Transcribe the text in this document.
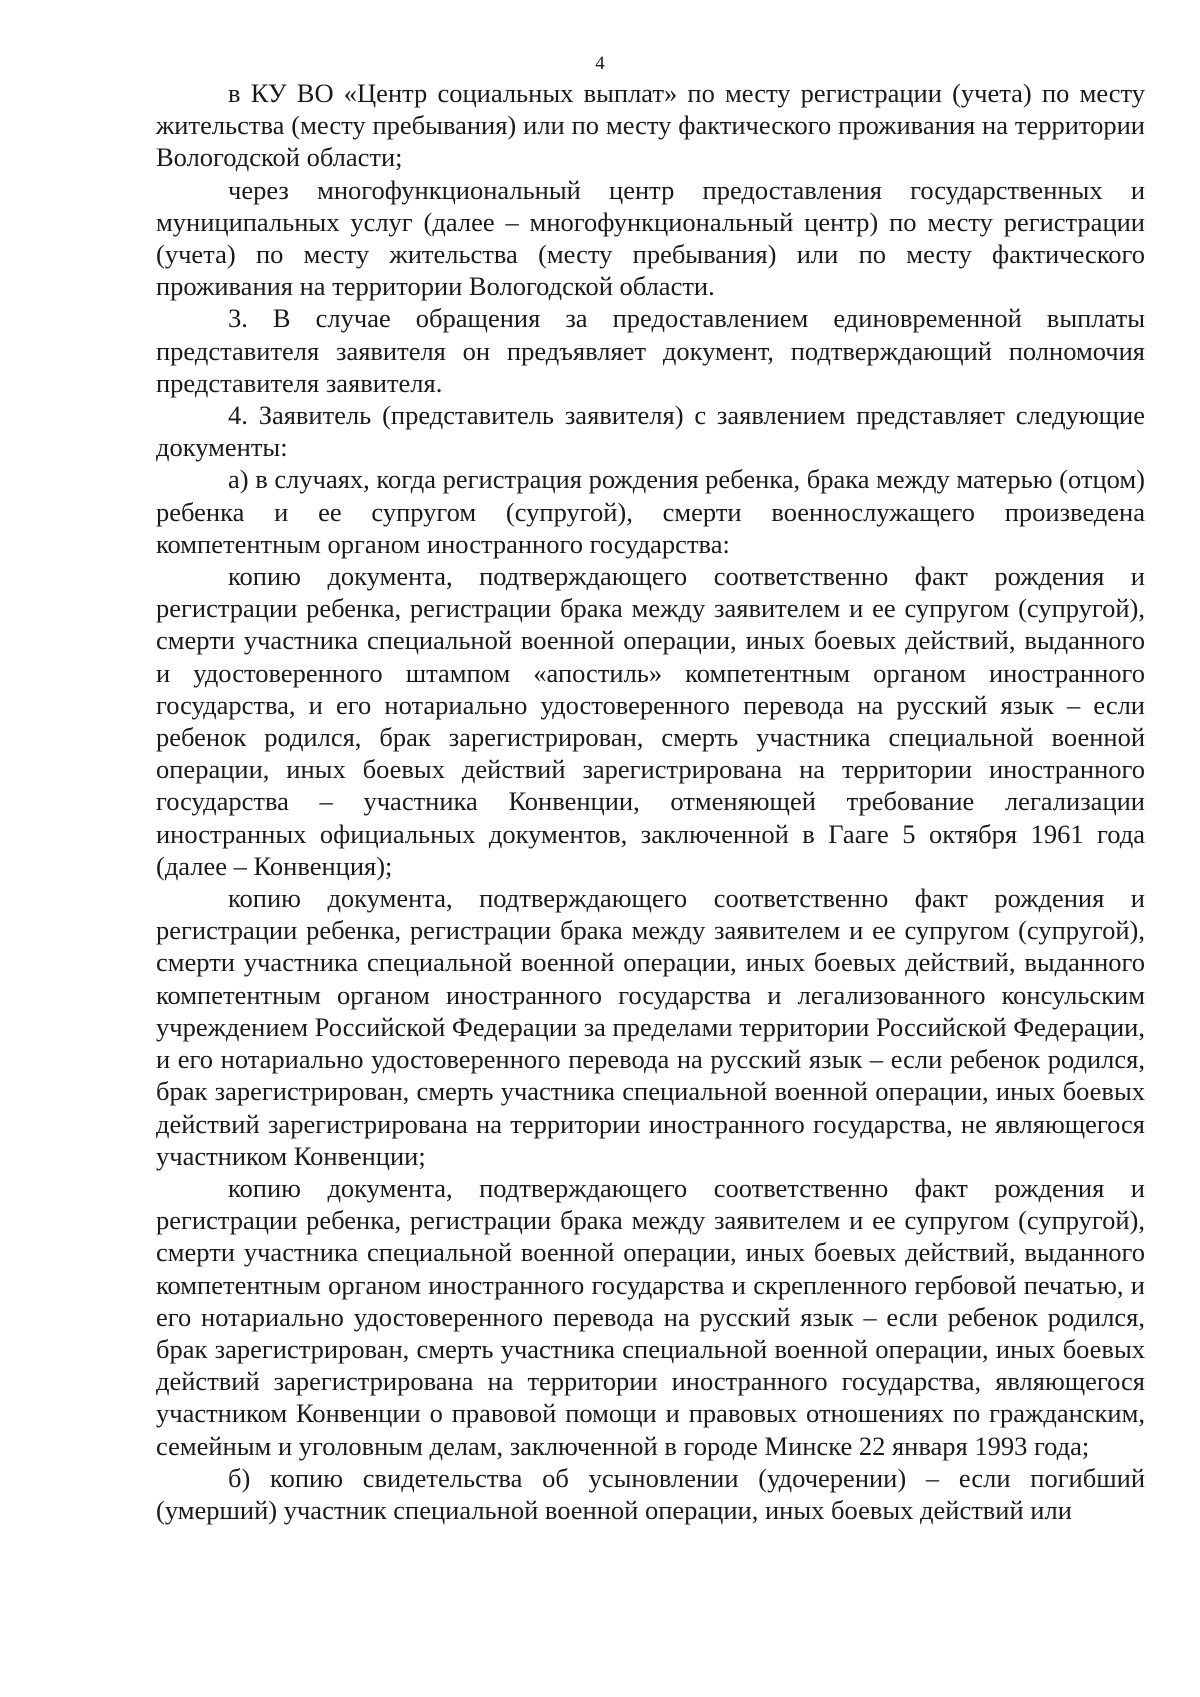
4

в КУ ВО «Центр социальных выплат» по месту регистрации (учета) по месту жительства (месту пребывания) или по месту фактического проживания на территории Вологодской области;

через многофункциональный центр предоставления государственных и муниципальных услуг (далее – многофункциональный центр) по месту регистрации (учета) по месту жительства (месту пребывания) или по месту фактического проживания на территории Вологодской области.

3. В случае обращения за предоставлением единовременной выплаты представителя заявителя он предъявляет документ, подтверждающий полномочия представителя заявителя.

4. Заявитель (представитель заявителя) с заявлением представляет следующие документы:

а) в случаях, когда регистрация рождения ребенка, брака между матерью (отцом) ребенка и ее супругом (супругой), смерти военнослужащего произведена компетентным органом иностранного государства:

копию документа, подтверждающего соответственно факт рождения и регистрации ребенка, регистрации брака между заявителем и ее супругом (супругой), смерти участника специальной военной операции, иных боевых действий, выданного и удостоверенного штампом «апостиль» компетентным органом иностранного государства, и его нотариально удостоверенного перевода на русский язык – если ребенок родился, брак зарегистрирован, смерть участника специальной военной операции, иных боевых действий зарегистрирована на территории иностранного государства – участника Конвенции, отменяющей требование легализации иностранных официальных документов, заключенной в Гааге 5 октября 1961 года (далее – Конвенция);

копию документа, подтверждающего соответственно факт рождения и регистрации ребенка, регистрации брака между заявителем и ее супругом (супругой), смерти участника специальной военной операции, иных боевых действий, выданного компетентным органом иностранного государства и легализованного консульским учреждением Российской Федерации за пределами территории Российской Федерации, и его нотариально удостоверенного перевода на русский язык – если ребенок родился, брак зарегистрирован, смерть участника специальной военной операции, иных боевых действий зарегистрирована на территории иностранного государства, не являющегося участником Конвенции;

копию документа, подтверждающего соответственно факт рождения и регистрации ребенка, регистрации брака между заявителем и ее супругом (супругой), смерти участника специальной военной операции, иных боевых действий, выданного компетентным органом иностранного государства и скрепленного гербовой печатью, и его нотариально удостоверенного перевода на русский язык – если ребенок родился, брак зарегистрирован, смерть участника специальной военной операции, иных боевых действий зарегистрирована на территории иностранного государства, являющегося участником Конвенции о правовой помощи и правовых отношениях по гражданским, семейным и уголовным делам, заключенной в городе Минске 22 января 1993 года;

б) копию свидетельства об усыновлении (удочерении) – если погибший (умерший) участник специальной военной операции, иных боевых действий или
